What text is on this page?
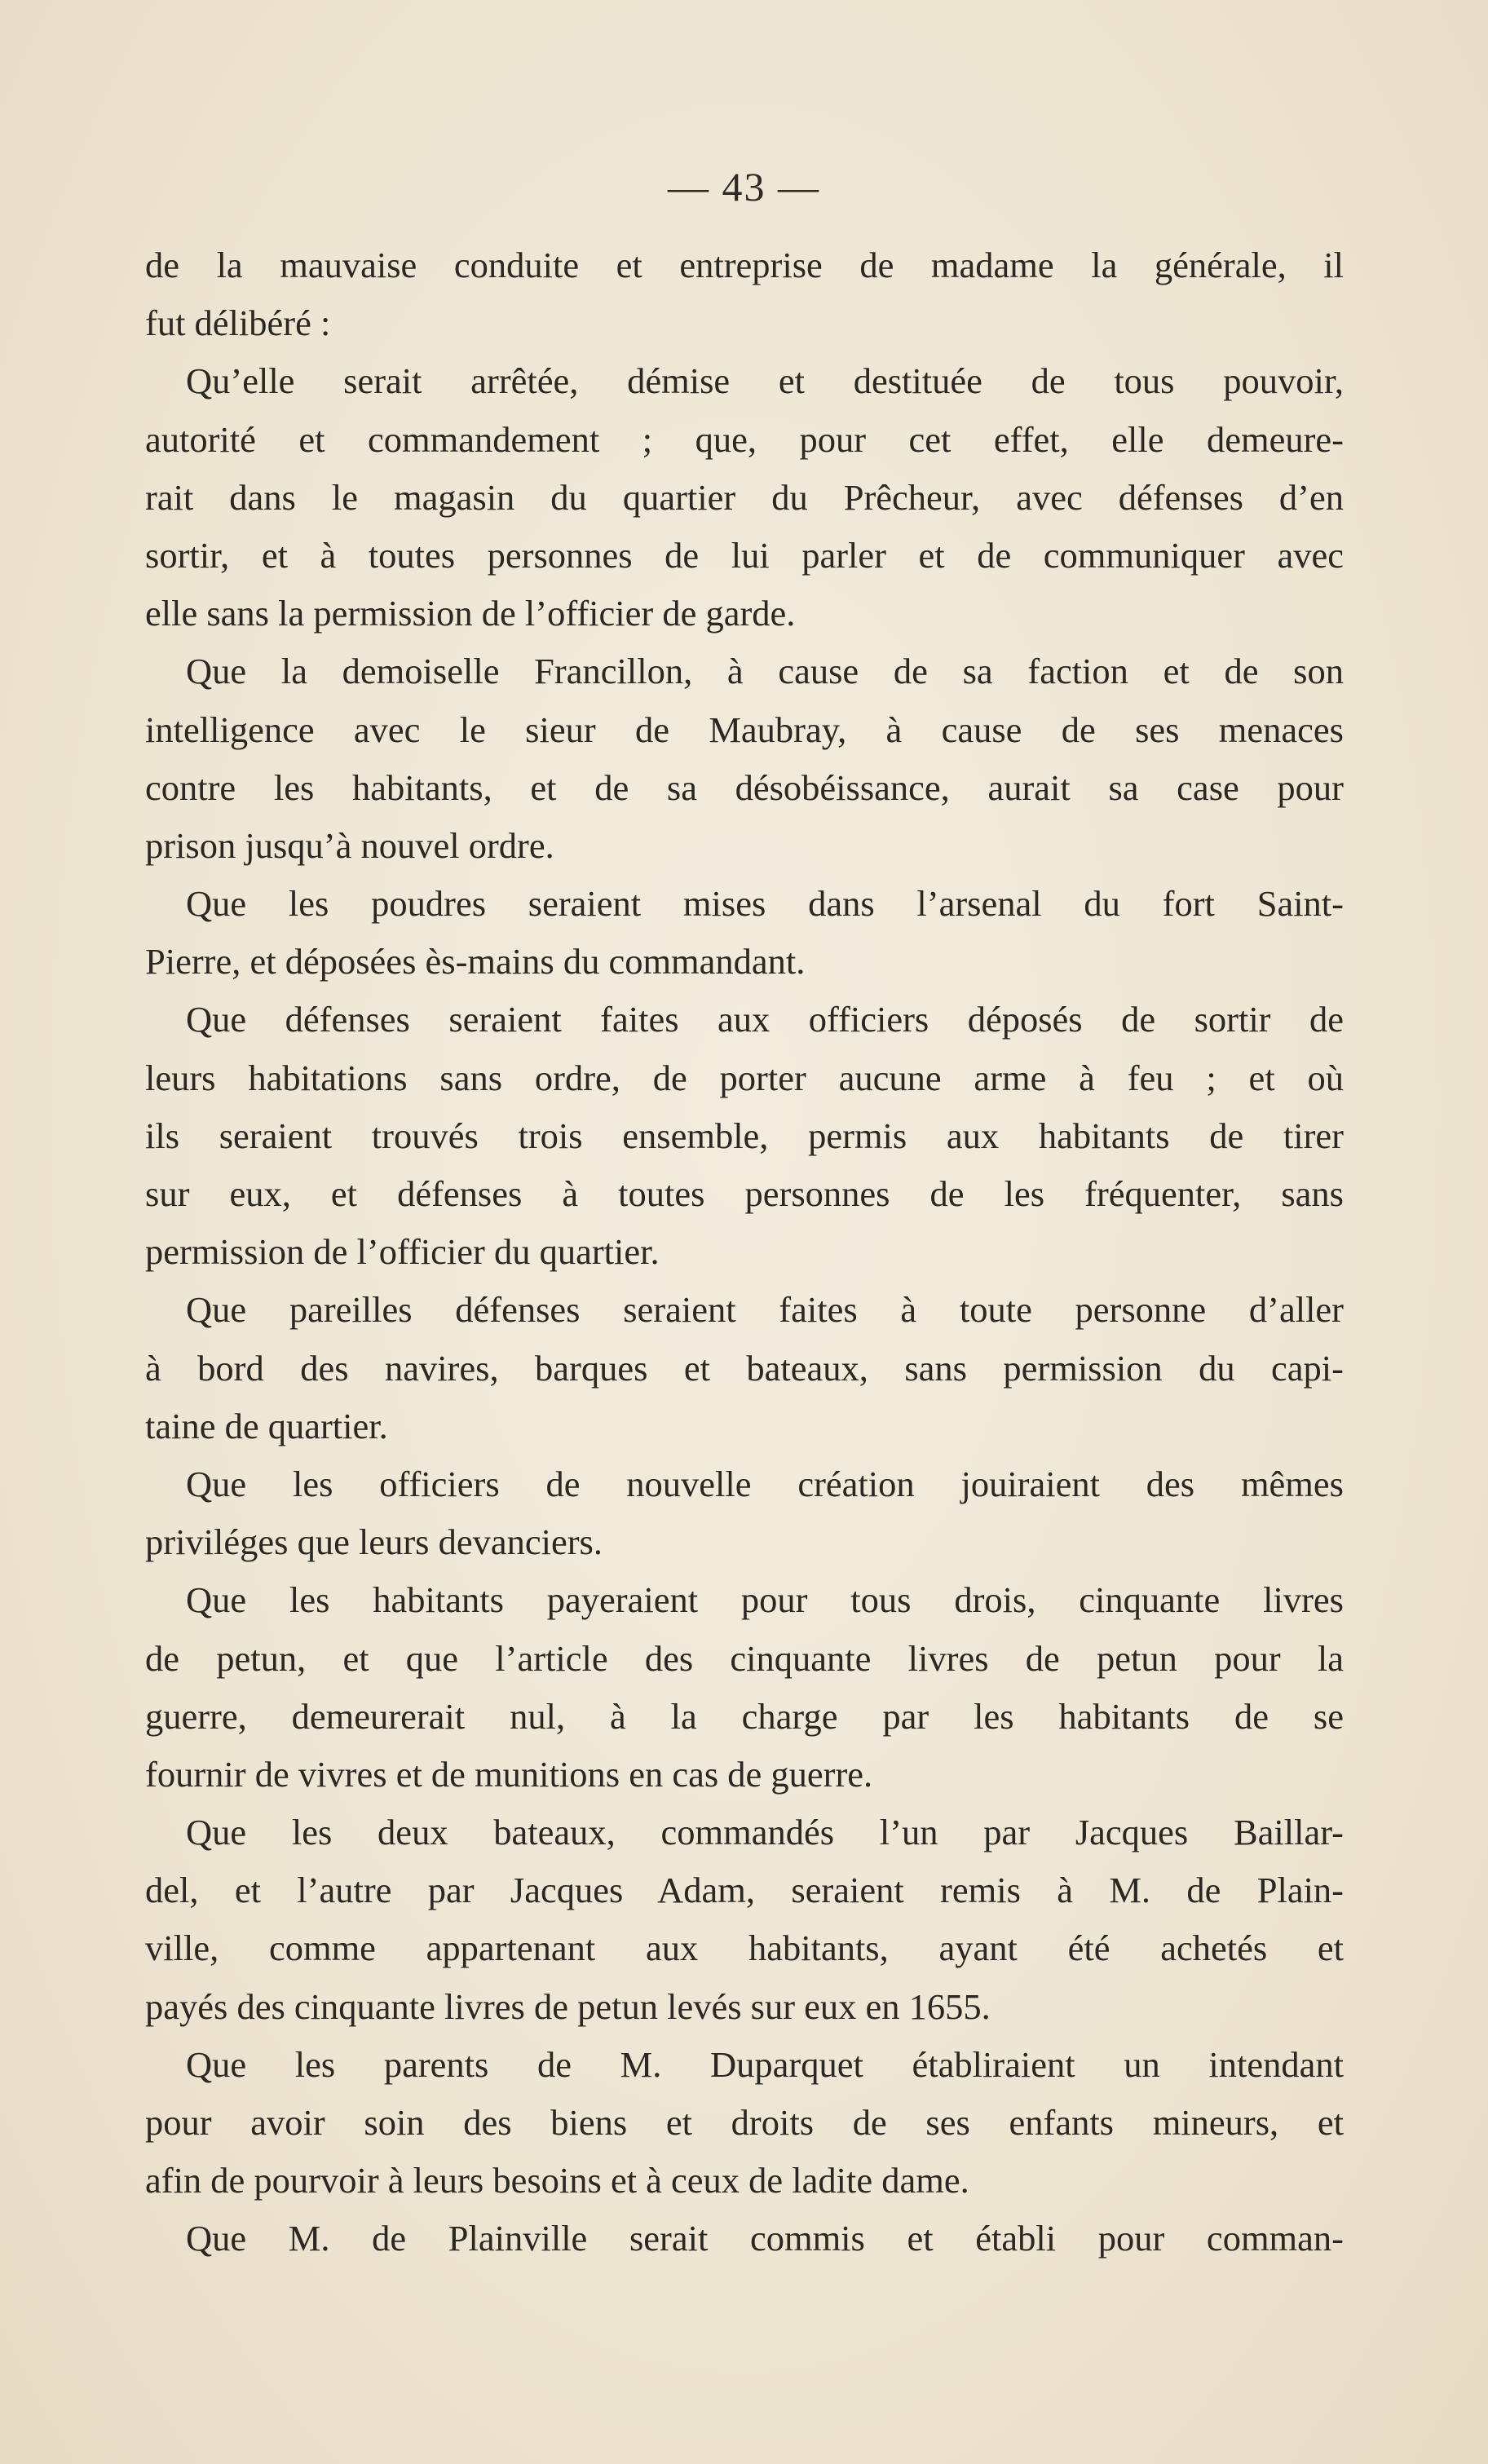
— 43 —
de la mauvaise conduite et entreprise de madame la générale, il
fut délibéré :
Qu’elle serait arrêtée, démise et destituée de tous pouvoir,
autorité et commandement ; que, pour cet effet, elle demeure-
rait dans le magasin du quartier du Prêcheur, avec défenses d’en
sortir, et à toutes personnes de lui parler et de communiquer avec
elle sans la permission de l’officier de garde.
Que la demoiselle Francillon, à cause de sa faction et de son
intelligence avec le sieur de Maubray, à cause de ses menaces
contre les habitants, et de sa désobéissance, aurait sa case pour
prison jusqu’à nouvel ordre.
Que les poudres seraient mises dans l’arsenal du fort Saint-
Pierre, et déposées ès-mains du commandant.
Que défenses seraient faites aux officiers déposés de sortir de
leurs habitations sans ordre, de porter aucune arme à feu ; et où
ils seraient trouvés trois ensemble, permis aux habitants de tirer
sur eux, et défenses à toutes personnes de les fréquenter, sans
permission de l’officier du quartier.
Que pareilles défenses seraient faites à toute personne d’aller
à bord des navires, barques et bateaux, sans permission du capi-
taine de quartier.
Que les officiers de nouvelle création jouiraient des mêmes
priviléges que leurs devanciers.
Que les habitants payeraient pour tous drois, cinquante livres
de petun, et que l’article des cinquante livres de petun pour la
guerre, demeurerait nul, à la charge par les habitants de se
fournir de vivres et de munitions en cas de guerre.
Que les deux bateaux, commandés l’un par Jacques Baillar-
del, et l’autre par Jacques Adam, seraient remis à M. de Plain-
ville, comme appartenant aux habitants, ayant été achetés et
payés des cinquante livres de petun levés sur eux en 1655.
Que les parents de M. Duparquet établiraient un intendant
pour avoir soin des biens et droits de ses enfants mineurs, et
afin de pourvoir à leurs besoins et à ceux de ladite dame.
Que M. de Plainville serait commis et établi pour comman-
